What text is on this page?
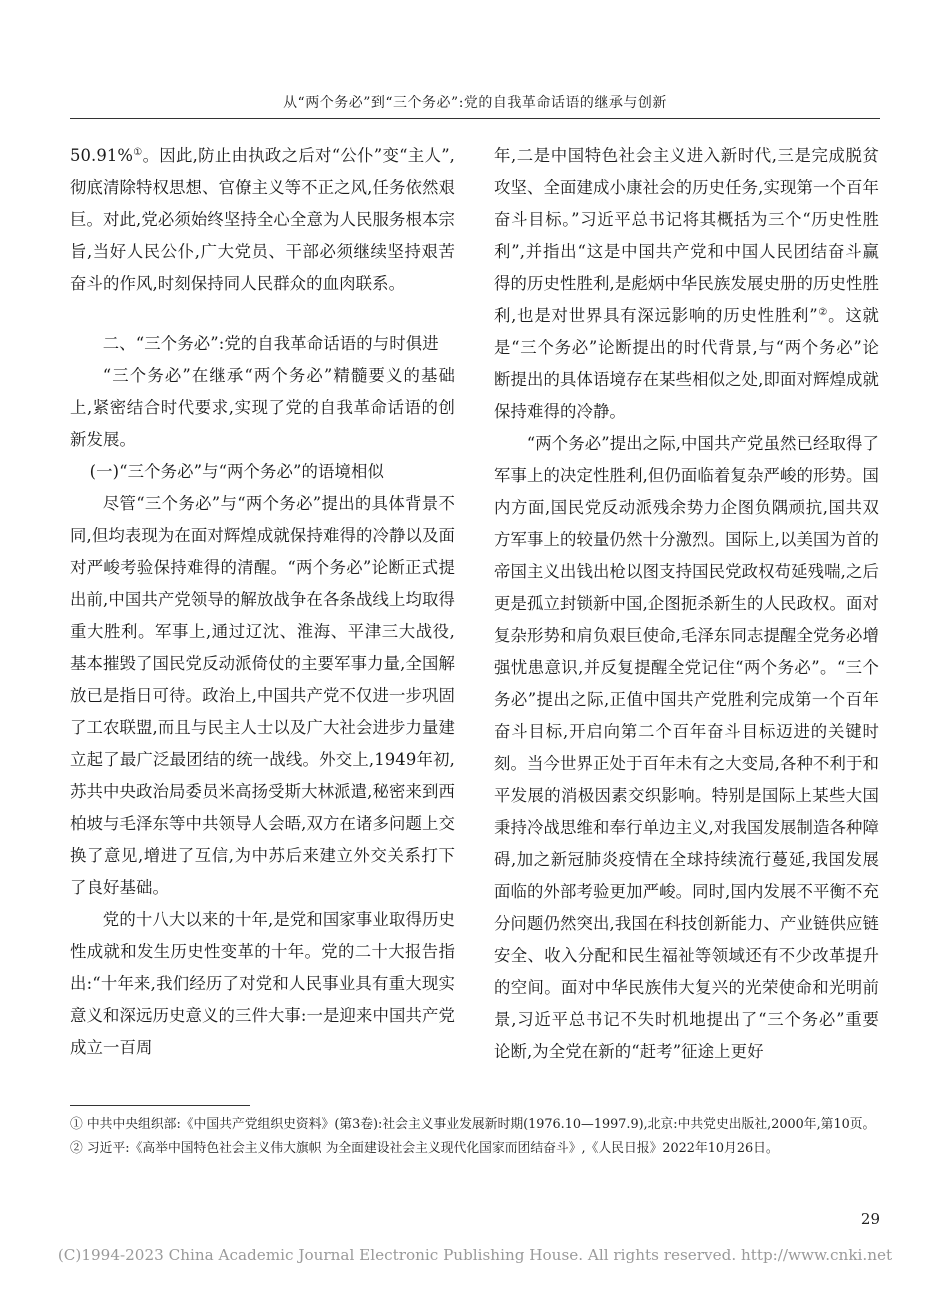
从“两个务必”到“三个务必”:党的自我革命话语的继承与创新

50.91%①。因此,防止由执政之后对“公仆”变“主人”,彻底清除特权思想、官僚主义等不正之风,任务依然艰巨。对此,党必须始终坚持全心全意为人民服务根本宗旨,当好人民公仆,广大党员、干部必须继续坚持艰苦奋斗的作风,时刻保持同人民群众的血肉联系。

二、“三个务必”:党的自我革命话语的与时俱进

“三个务必”在继承“两个务必”精髓要义的基础上,紧密结合时代要求,实现了党的自我革命话语的创新发展。

(一)“三个务必”与“两个务必”的语境相似

尽管“三个务必”与“两个务必”提出的具体背景不同,但均表现为在面对辉煌成就保持难得的冷静以及面对严峻考验保持难得的清醒。“两个务必”论断正式提出前,中国共产党领导的解放战争在各条战线上均取得重大胜利。军事上,通过辽沈、淮海、平津三大战役,基本摧毁了国民党反动派倚仗的主要军事力量,全国解放已是指日可待。政治上,中国共产党不仅进一步巩固了工农联盟,而且与民主人士以及广大社会进步力量建立起了最广泛最团结的统一战线。外交上,1949年初,苏共中央政治局委员米高扬受斯大林派遣,秘密来到西柏坡与毛泽东等中共领导人会晤,双方在诸多问题上交换了意见,增进了互信,为中苏后来建立外交关系打下了良好基础。

党的十八大以来的十年,是党和国家事业取得历史性成就和发生历史性变革的十年。党的二十大报告指出:“十年来,我们经历了对党和人民事业具有重大现实意义和深远历史意义的三件大事:一是迎来中国共产党成立一百周

年,二是中国特色社会主义进入新时代,三是完成脱贫攻坚、全面建成小康社会的历史任务,实现第一个百年奋斗目标。”习近平总书记将其概括为三个“历史性胜利”,并指出“这是中国共产党和中国人民团结奋斗赢得的历史性胜利,是彪炳中华民族发展史册的历史性胜利,也是对世界具有深远影响的历史性胜利”②。这就是“三个务必”论断提出的时代背景,与“两个务必”论断提出的具体语境存在某些相似之处,即面对辉煌成就保持难得的冷静。

“两个务必”提出之际,中国共产党虽然已经取得了军事上的决定性胜利,但仍面临着复杂严峻的形势。国内方面,国民党反动派残余势力企图负隅顽抗,国共双方军事上的较量仍然十分激烈。国际上,以美国为首的帝国主义出钱出枪以图支持国民党政权苟延残喘,之后更是孤立封锁新中国,企图扼杀新生的人民政权。面对复杂形势和肩负艰巨使命,毛泽东同志提醒全党务必增强忧患意识,并反复提醒全党记住“两个务必”。“三个务必”提出之际,正值中国共产党胜利完成第一个百年奋斗目标,开启向第二个百年奋斗目标迈进的关键时刻。当今世界正处于百年未有之大变局,各种不利于和平发展的消极因素交织影响。特别是国际上某些大国秉持冷战思维和奉行单边主义,对我国发展制造各种障碍,加之新冠肺炎疫情在全球持续流行蔓延,我国发展面临的外部考验更加严峻。同时,国内发展不平衡不充分问题仍然突出,我国在科技创新能力、产业链供应链安全、收入分配和民生福祉等领域还有不少改革提升的空间。面对中华民族伟大复兴的光荣使命和光明前景,习近平总书记不失时机地提出了“三个务必”重要论断,为全党在新的“赶考”征途上更好

① 中共中央组织部:《中国共产党组织史资料》(第3卷):社会主义事业发展新时期(1976.10—1997.9),北京:中共党史出版社,2000年,第10页。

② 习近平:《高举中国特色社会主义伟大旗帜 为全面建设社会主义现代化国家而团结奋斗》,《人民日报》2022年10月26日。

29
(C)1994-2023 China Academic Journal Electronic Publishing House. All rights reserved. http://www.cnki.net
